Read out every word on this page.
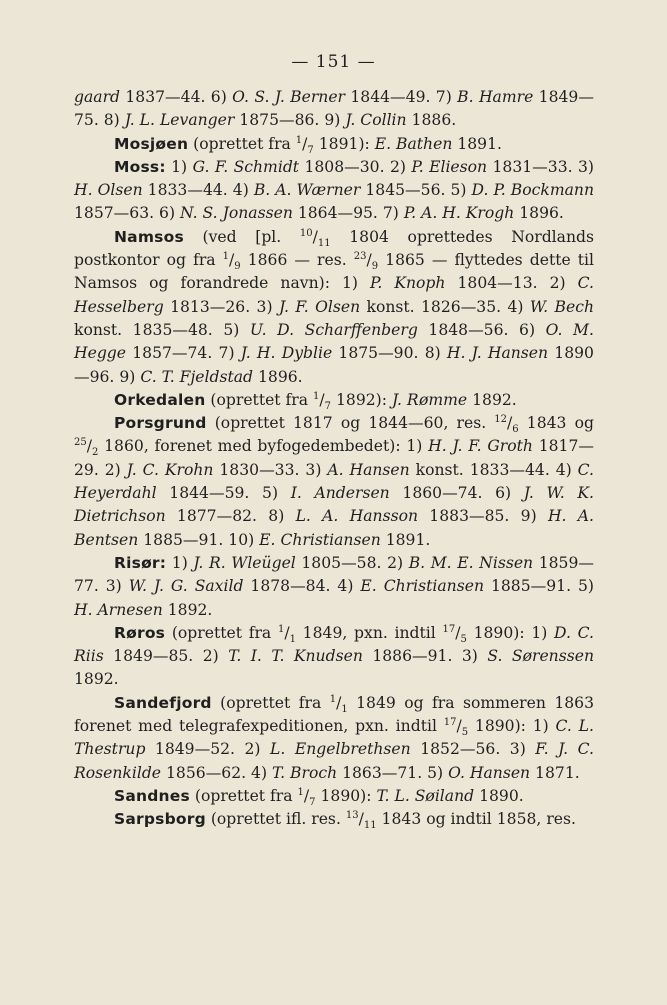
— 151 —

gaard 1837—44. 6) O. S. J. Berner 1844—49. 7) B. Hamre 1849—75. 8) J. L. Levanger 1875—86. 9) J. Collin 1886.

Mosjøen (oprettet fra $^1/_7$ 1891): E. Bathen 1891.

Moss: 1) G. F. Schmidt 1808—30. 2) P. Elieson 1831—33. 3) H. Olsen 1833—44. 4) B. A. Wærner 1845—56. 5) D. P. Bockmann 1857—63. 6) N. S. Jonassen 1864—95. 7) P. A. H. Krogh 1896.

Namsos (ved [pl. $^{10}/_{11}$ 1804 oprettedes Nordlands postkontor og fra $^1/_9$ 1866 — res. $^{23}/_9$ 1865 — flyttedes dette til Namsos og forandrede navn): 1) P. Knoph 1804—13. 2) C. Hesselberg 1813—26. 3) J. F. Olsen konst. 1826—35. 4) W. Bech konst. 1835—48. 5) U. D. Scharffenberg 1848—56. 6) O. M. Hegge 1857—74. 7) J. H. Dyblie 1875—90. 8) H. J. Hansen 1890—96. 9) C. T. Fjeldstad 1896.

Orkedalen (oprettet fra $^1/_7$ 1892): J. Rømme 1892.

Porsgrund (oprettet 1817 og 1844—60, res. $^{12}/_6$ 1843 og $^{25}/_2$ 1860, forenet med byfogedembedet): 1) H. J. F. Groth 1817—29. 2) J. C. Krohn 1830—33. 3) A. Hansen konst. 1833—44. 4) C. Heyerdahl 1844—59. 5) I. Andersen 1860—74. 6) J. W. K. Dietrichson 1877—82. 8) L. A. Hansson 1883—85. 9) H. A. Bentsen 1885—91. 10) E. Christiansen 1891.

Risør: 1) J. R. Wleügel 1805—58. 2) B. M. E. Nissen 1859—77. 3) W. J. G. Saxild 1878—84. 4) E. Christiansen 1885—91. 5) H. Arnesen 1892.

Røros (oprettet fra $^1/_1$ 1849, pxn. indtil $^{17}/_5$ 1890): 1) D. C. Riis 1849—85. 2) T. I. T. Knudsen 1886—91. 3) S. Sørenssen 1892.

Sandefjord (oprettet fra $^1/_1$ 1849 og fra sommeren 1863 forenet med telegrafexpeditionen, pxn. indtil $^{17}/_5$ 1890): 1) C. L. Thestrup 1849—52. 2) L. Engelbrethsen 1852—56. 3) F. J. C. Rosenkilde 1856—62. 4) T. Broch 1863—71. 5) O. Hansen 1871.

Sandnes (oprettet fra $^1/_7$ 1890): T. L. Søiland 1890.

Sarpsborg (oprettet ifl. res. $^{13}/_{11}$ 1843 og indtil 1858, res.
